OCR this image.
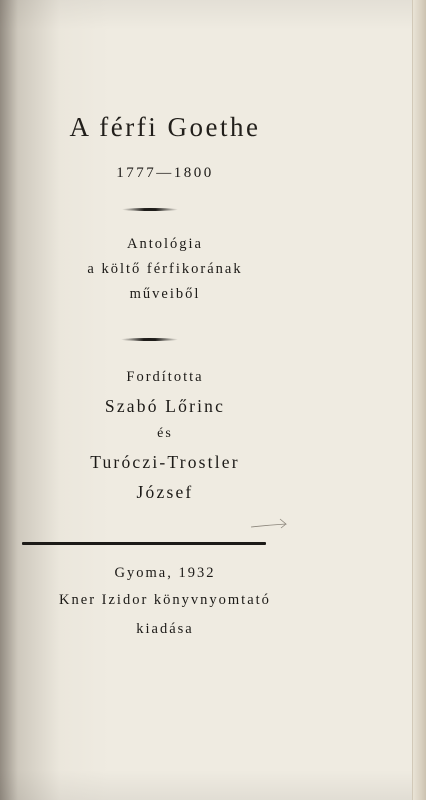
A férfi Goethe
1777—1800
Antológia
a költő férfikorának
műveiből
Fordította
Szabó Lőrinc
és
Turóczi-Trostler
József
Gyoma, 1932
Kner Izidor könyvnyomtató
kiadása
